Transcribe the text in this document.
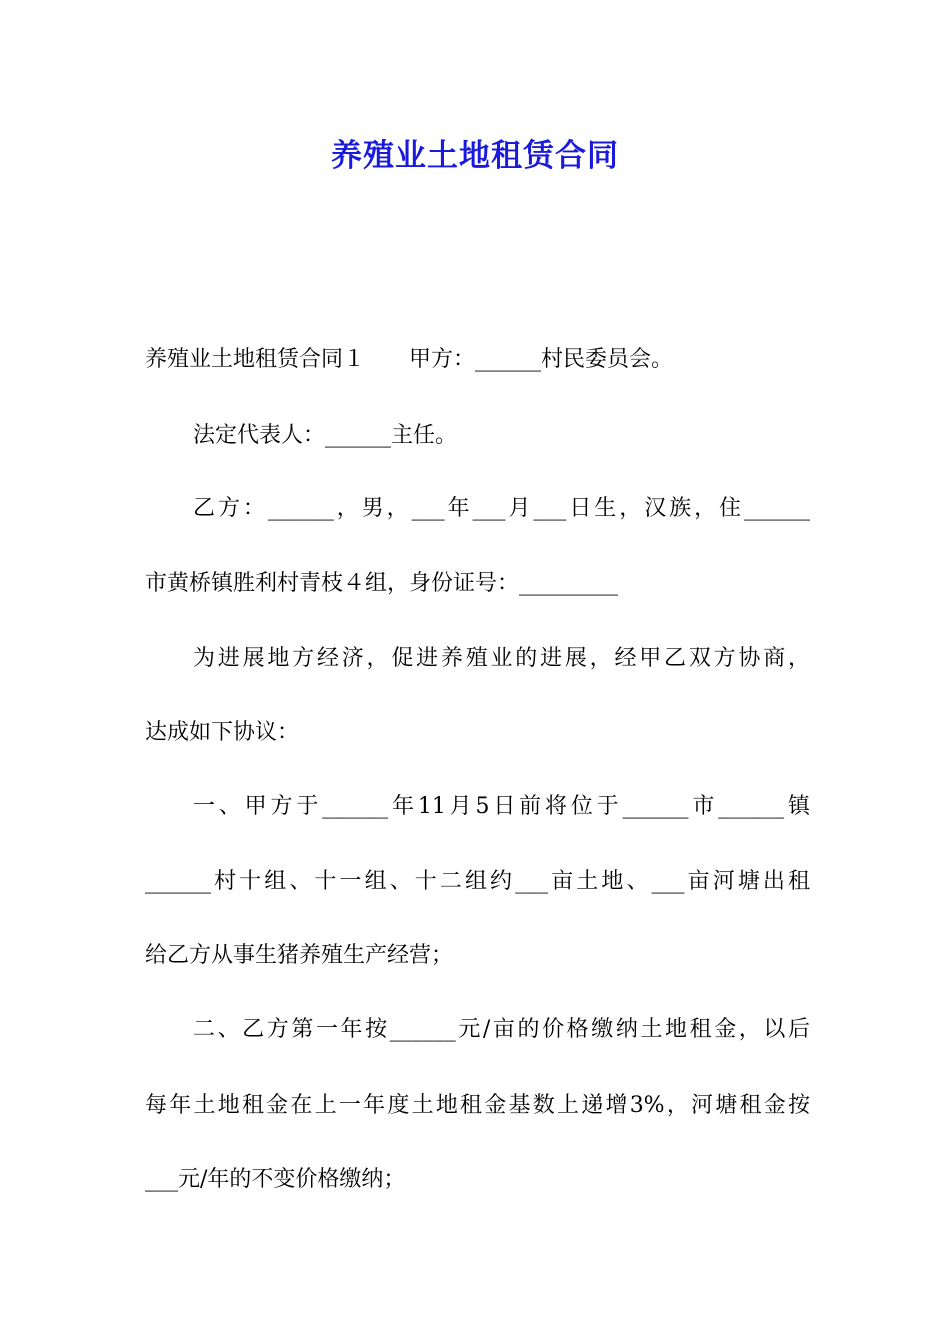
养殖业土地租赁合同
养殖业土地租赁合同１　　甲方：______村民委员会。
法定代表人：______主任。
乙方：______，男，___年___月___日生，汉族，住______
市黄桥镇胜利村青枝４组，身份证号：_________
为进展地方经济，促进养殖业的进展，经甲乙双方协商，
达成如下协议：
一、甲方于______年11月5日前将位于______市______镇
______村十组、十一组、十二组约___亩土地、___亩河塘出租
给乙方从事生猪养殖生产经营；
二、乙方第一年按______元/亩的价格缴纳土地租金，以后
每年土地租金在上一年度土地租金基数上递增3%，河塘租金按
___元/年的不变价格缴纳；
